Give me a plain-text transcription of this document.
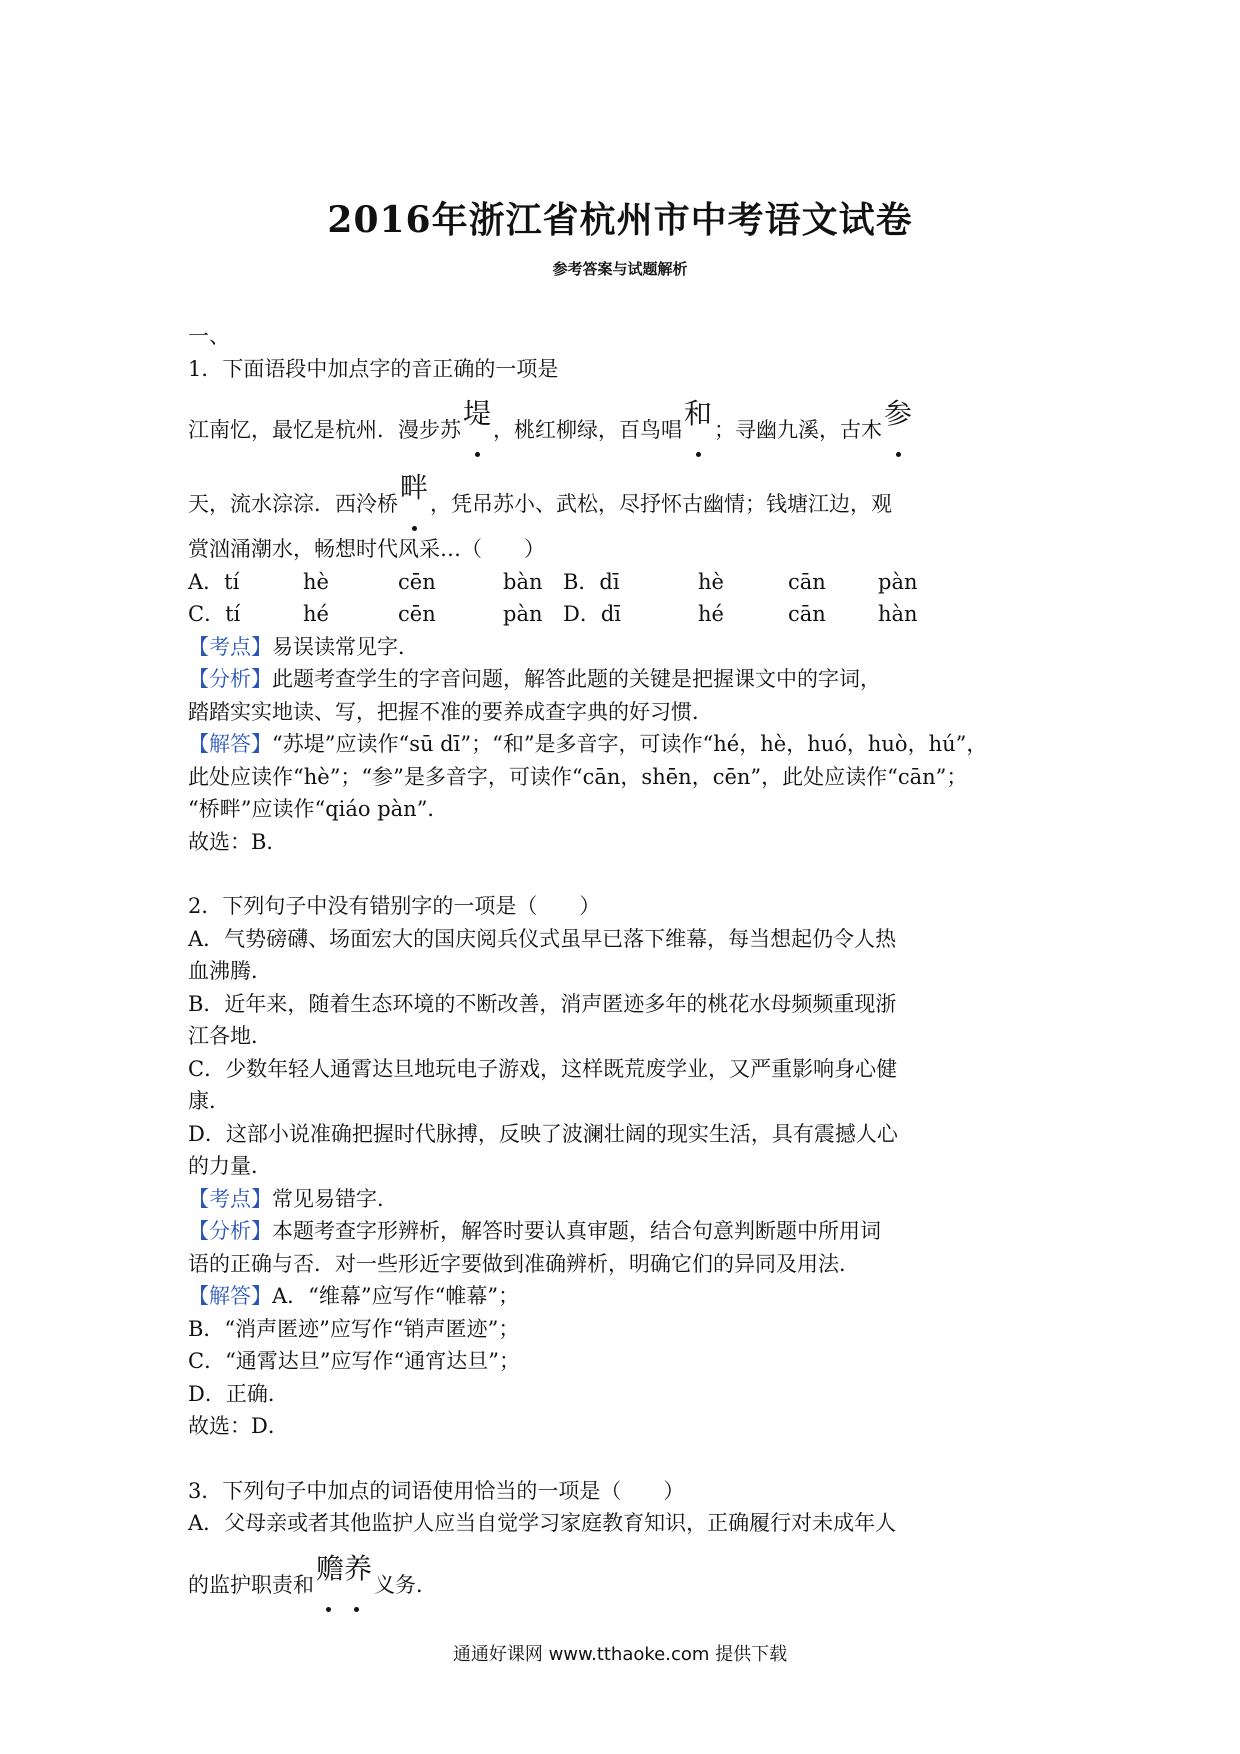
2016年浙江省杭州市中考语文试卷
参考答案与试题解析

一、

1．下面语段中加点字的音正确的一项是

江南忆，最忆是杭州．漫步苏堤，桃红柳绿，百鸟唱和；寻幽九溪，古木参

天，流水淙淙．西泠桥畔，凭吊苏小、武松，尽抒怀古幽情；钱塘江边，观

赏汹涌潮水，畅想时代风采…（　　）

A．tí	hè	cēn	bàn B．dī	hè	cān	pàn
C．tí	hé	cēn	pàn D．dī	hé	cān	hàn

【考点】易误读常见字．

【分析】此题考查学生的字音问题，解答此题的关键是把握课文中的字词，

踏踏实实地读、写，把握不准的要养成查字典的好习惯．

【解答】“苏堤”应读作“sū dī”；“和”是多音字，可读作“hé，hè，huó，huò，hú”，

此处应读作“hè”；“参”是多音字，可读作“cān，shēn，cēn”，此处应读作“cān”；

“桥畔”应读作“qiáo pàn”．

故选：B．

2．下列句子中没有错别字的一项是（　　）

A．气势磅礴、场面宏大的国庆阅兵仪式虽早已落下维幕，每当想起仍令人热

血沸腾．

B．近年来，随着生态环境的不断改善，消声匿迹多年的桃花水母频频重现浙

江各地．

C．少数年轻人通霄达旦地玩电子游戏，这样既荒废学业，又严重影响身心健

康．

D．这部小说准确把握时代脉搏，反映了波澜壮阔的现实生活，具有震撼人心

的力量．

【考点】常见易错字．

【分析】本题考查字形辨析，解答时要认真审题，结合句意判断题中所用词

语的正确与否．对一些形近字要做到准确辨析，明确它们的异同及用法．

【解答】A．“维幕”应写作“帷幕”；

B．“消声匿迹”应写作“销声匿迹”；

C．“通霄达旦”应写作“通宵达旦”；

D．正确．

故选：D．

3．下列句子中加点的词语使用恰当的一项是（　　）

A．父母亲或者其他监护人应当自觉学习家庭教育知识，正确履行对未成年人

的监护职责和赡养
义务．

通通好课网 www.tthaoke.com 提供下载
